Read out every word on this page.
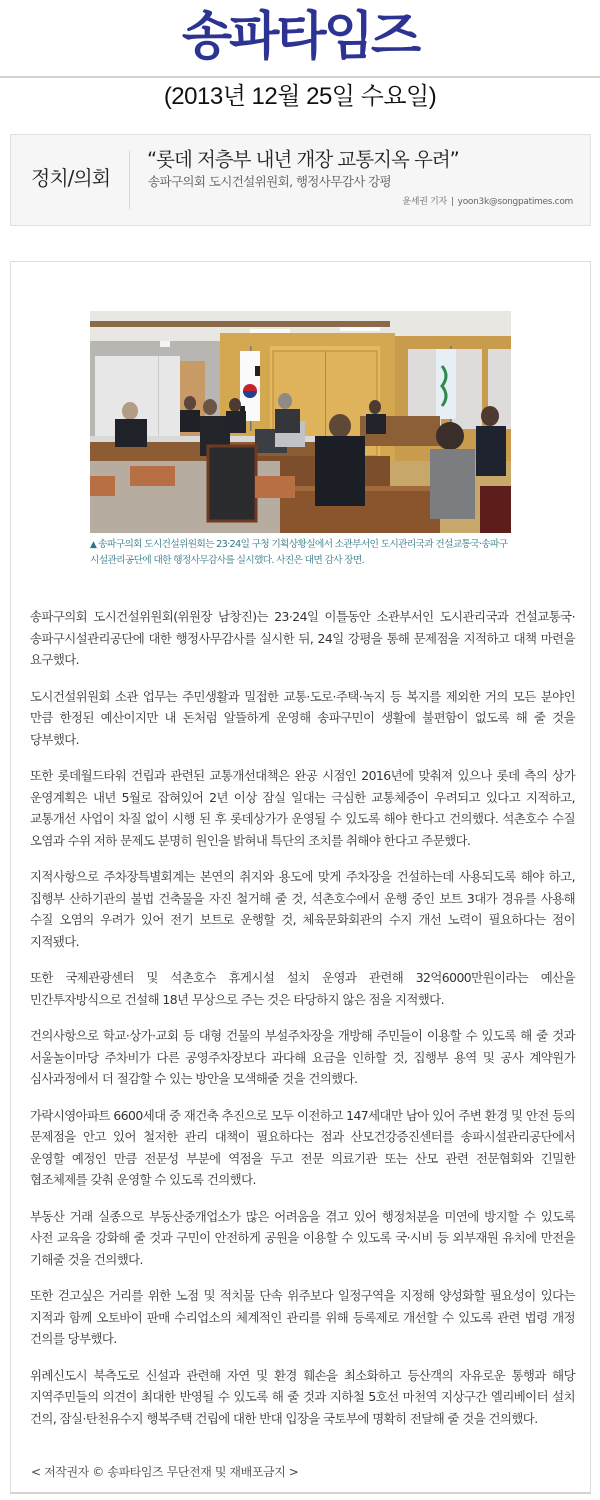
송파타임즈
(2013년 12월 25일 수요일)
정치/의회
“롯데 저층부 내년 개장 교통지옥 우려”
송파구의회 도시건설위원회, 행정사무감사 강평
윤세권 기자 | yoon3k@songpatimes.com
▲ 송파구의회 도시건설위원회는 23·24일 구청 기획상황실에서 소관부서인 도시관리국과 건설교통국·송파구시설관리공단에 대한 행정사무감사를 실시했다. 사진은 대면 감사 장면.

송파구의회 도시건설위원회(위원장 남창진)는 23·24일 이틀동안 소관부서인 도시관리국과 건설교통국·송파구시설관리공단에 대한 행정사무감사를 실시한 뒤, 24일 강평을 통해 문제점을 지적하고 대책 마련을 요구했다.

도시건설위원회 소관 업무는 주민생활과 밀접한 교통·도로·주택·녹지 등 복지를 제외한 거의 모든 분야인 만큼 한정된 예산이지만 내 돈처럼 알뜰하게 운영해 송파구민이 생활에 불편함이 없도록 해 줄 것을 당부했다.

또한 롯데월드타워 건립과 관련된 교통개선대책은 완공 시점인 2016년에 맞춰져 있으나 롯데 측의 상가 운영계획은 내년 5월로 잡혀있어 2년 이상 잠실 일대는 극심한 교통체증이 우려되고 있다고 지적하고, 교통개선 사업이 차질 없이 시행 된 후 롯데상가가 운영될 수 있도록 해야 한다고 건의했다. 석촌호수 수질 오염과 수위 저하 문제도 분명히 원인을 밝혀내 특단의 조치를 취해야 한다고 주문했다.

지적사항으로 주차장특별회계는 본연의 취지와 용도에 맞게 주차장을 건설하는데 사용되도록 해야 하고, 집행부 산하기관의 불법 건축물을 자진 철거해 줄 것, 석촌호수에서 운행 중인 보트 3대가 경유를 사용해 수질 오염의 우려가 있어 전기 보트로 운행할 것, 체육문화회관의 수지 개선 노력이 필요하다는 점이 지적됐다.

또한 국제관광센터 및 석촌호수 휴게시설 설치 운영과 관련해 32억6000만원이라는 예산을 민간투자방식으로 건설해 18년 무상으로 주는 것은 타당하지 않은 점을 지적했다.

건의사항으로 학교·상가·교회 등 대형 건물의 부설주차장을 개방해 주민들이 이용할 수 있도록 해 줄 것과 서울놀이마당 주차비가 다른 공영주차장보다 과다해 요금을 인하할 것, 집행부 용역 및 공사 계약원가 심사과정에서 더 절감할 수 있는 방안을 모색해줄 것을 건의했다.

가락시영아파트 6600세대 중 재건축 추진으로 모두 이전하고 147세대만 남아 있어 주변 환경 및 안전 등의 문제점을 안고 있어 철저한 관리 대책이 필요하다는 점과 산모건강증진센터를 송파시설관리공단에서 운영할 예정인 만큼 전문성 부분에 역점을 두고 전문 의료기관 또는 산모 관련 전문협회와 긴밀한 협조체제를 갖춰 운영할 수 있도록 건의했다.

부동산 거래 실종으로 부동산중개업소가 많은 어려움을 겪고 있어 행정처분을 미연에 방지할 수 있도록 사전 교육을 강화해 줄 것과 구민이 안전하게 공원을 이용할 수 있도록 국·시비 등 외부재원 유치에 만전을 기해줄 것을 건의했다.

또한 걷고싶은 거리를 위한 노점 및 적치물 단속 위주보다 일정구역을 지정해 양성화할 필요성이 있다는 지적과 함께 오토바이 판매 수리업소의 체계적인 관리를 위해 등록제로 개선할 수 있도록 관련 법령 개정 건의를 당부했다.

위례신도시 북측도로 신설과 관련해 자연 및 환경 훼손을 최소화하고 등산객의 자유로운 통행과 해당 지역주민들의 의견이 최대한 반영될 수 있도록 해 줄 것과 지하철 5호선 마천역 지상구간 엘리베이터 설치 건의, 잠실·탄천유수지 행복주택 건립에 대한 반대 입장을 국토부에 명확히 전달해 줄 것을 건의했다.

< 저작권자 © 송파타임즈 무단전재 및 재배포금지 >
